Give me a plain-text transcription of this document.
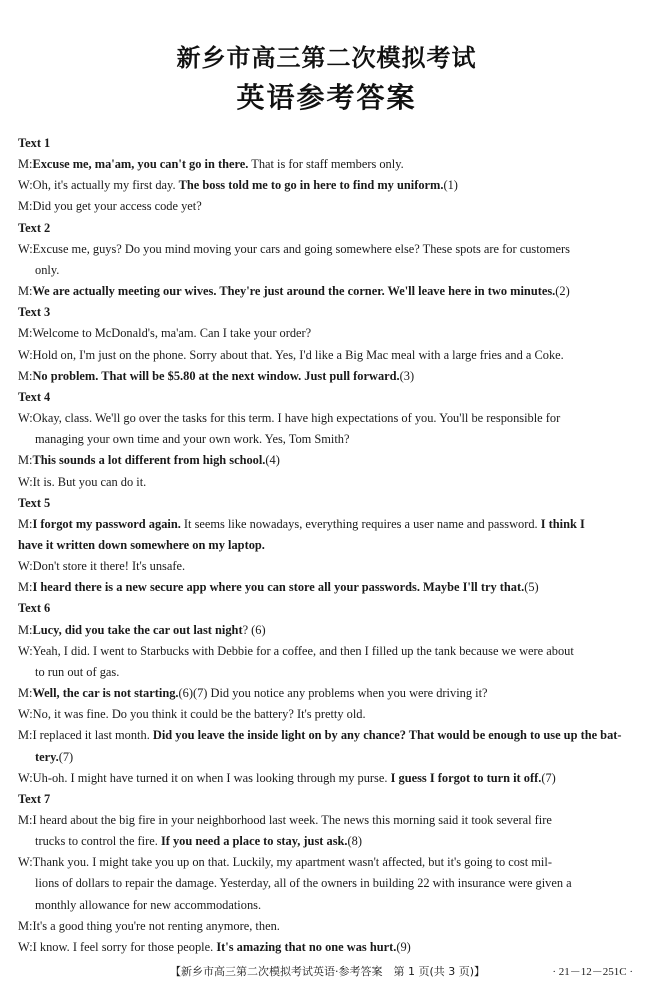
新乡市高三第二次模拟考试
英语参考答案
Text 1
M:Excuse me, ma'am, you can't go in there. That is for staff members only.
W:Oh, it's actually my first day. The boss told me to go in here to find my uniform.(1)
M:Did you get your access code yet?
Text 2
W:Excuse me, guys? Do you mind moving your cars and going somewhere else? These spots are for customers
only.
M:We are actually meeting our wives. They're just around the corner. We'll leave here in two minutes.(2)
Text 3
M:Welcome to McDonald's, ma'am. Can I take your order?
W:Hold on, I'm just on the phone. Sorry about that. Yes, I'd like a Big Mac meal with a large fries and a Coke.
M:No problem. That will be $5.80 at the next window. Just pull forward.(3)
Text 4
W:Okay, class. We'll go over the tasks for this term. I have high expectations of you. You'll be responsible for
managing your own time and your own work. Yes, Tom Smith?
M:This sounds a lot different from high school.(4)
W:It is. But you can do it.
Text 5
M:I forgot my password again. It seems like nowadays, everything requires a user name and password. I think I
have it written down somewhere on my laptop.
W:Don't store it there! It's unsafe.
M:I heard there is a new secure app where you can store all your passwords. Maybe I'll try that.(5)
Text 6
M:Lucy, did you take the car out last night? (6)
W:Yeah, I did. I went to Starbucks with Debbie for a coffee, and then I filled up the tank because we were about
to run out of gas.
M:Well, the car is not starting.(6)(7) Did you notice any problems when you were driving it?
W:No, it was fine. Do you think it could be the battery? It's pretty old.
M:I replaced it last month. Did you leave the inside light on by any chance? That would be enough to use up the bat-
tery.(7)
W:Uh-oh. I might have turned it on when I was looking through my purse. I guess I forgot to turn it off.(7)
Text 7
M:I heard about the big fire in your neighborhood last week. The news this morning said it took several fire
trucks to control the fire. If you need a place to stay, just ask.(8)
W:Thank you. I might take you up on that. Luckily, my apartment wasn't affected, but it's going to cost mil-
lions of dollars to repair the damage. Yesterday, all of the owners in building 22 with insurance were given a
monthly allowance for new accommodations.
M:It's a good thing you're not renting anymore, then.
W:I know. I feel sorry for those people. It's amazing that no one was hurt.(9)
【新乡市高三第二次模拟考试英语·参考答案　第 1 页(共 3 页)】	· 21－12－251C ·
